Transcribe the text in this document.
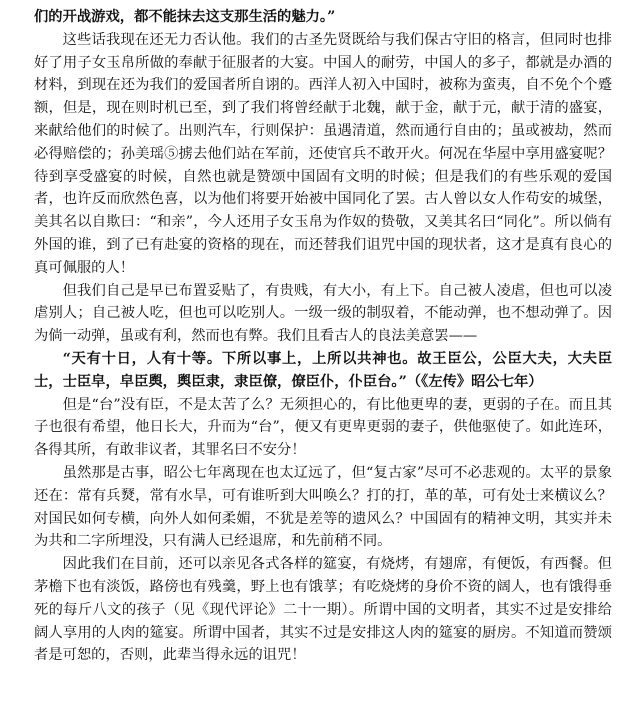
们的开战游戏，都不能抹去这支那生活的魅力。”

这些话我现在还无力否认他。我们的古圣先贤既给与我们保古守旧的格言，但同时也排好了用子女玉帛所做的奉献于征服者的大宴。中国人的耐劳，中国人的多子，都就是办酒的材料，到现在还为我们的爱国者所自诩的。西洋人初入中国时，被称为蛮夷，自不免个个蹙额，但是，现在则时机已至，到了我们将曾经献于北魏，献于金，献于元，献于清的盛宴，来献给他们的时候了。出则汽车，行则保护：虽遇清道，然而通行自由的；虽或被劫，然而必得赔偿的；孙美瑶⑤掳去他们站在军前，还使官兵不敢开火。何况在华屋中享用盛宴呢？待到享受盛宴的时候，自然也就是赞颂中国固有文明的时候；但是我们的有些乐观的爱国者，也许反而欣然色喜，以为他们将要开始被中国同化了罢。古人曾以女人作苟安的城堡，美其名以自欺曰：“和亲”，今人还用子女玉帛为作奴的贽敬，又美其名曰“同化”。所以倘有外国的谁，到了已有赴宴的资格的现在，而还替我们诅咒中国的现状者，这才是真有良心的真可佩服的人！

但我们自己是早已布置妥贴了，有贵贱，有大小，有上下。自己被人凌虐，但也可以凌虐别人；自己被人吃，但也可以吃别人。一级一级的制驭着，不能动弹，也不想动弹了。因为倘一动弹，虽或有利，然而也有弊。我们且看古人的良法美意罢——

“天有十日，人有十等。下所以事上，上所以共神也。故王臣公，公臣大夫，大夫臣士，士臣皁，皁臣舆，舆臣隶，隶臣僚，僚臣仆，仆臣台。”（《左传》昭公七年）

但是“台”没有臣，不是太苦了么？无须担心的，有比他更卑的妻，更弱的子在。而且其子也很有希望，他日长大，升而为“台”，便又有更卑更弱的妻子，供他驱使了。如此连环，各得其所，有敢非议者，其罪名曰不安分！

虽然那是古事，昭公七年离现在也太辽远了，但“复古家”尽可不必悲观的。太平的景象还在：常有兵燹，常有水旱，可有谁听到大叫唤么？打的打，革的革，可有处士来横议么？对国民如何专横，向外人如何柔媚，不犹是差等的遗风么？中国固有的精神文明，其实并未为共和二字所埋没，只有满人已经退席，和先前稍不同。

因此我们在目前，还可以亲见各式各样的筵宴，有烧烤，有翅席，有便饭，有西餐。但茅檐下也有淡饭，路傍也有残羹，野上也有饿莩；有吃烧烤的身价不资的阔人，也有饿得垂死的每斤八文的孩子（见《现代评论》二十一期）。所谓中国的文明者，其实不过是安排给阔人享用的人肉的筵宴。所谓中国者，其实不过是安排这人肉的筵宴的厨房。不知道而赞颂者是可恕的，否则，此辈当得永远的诅咒！
